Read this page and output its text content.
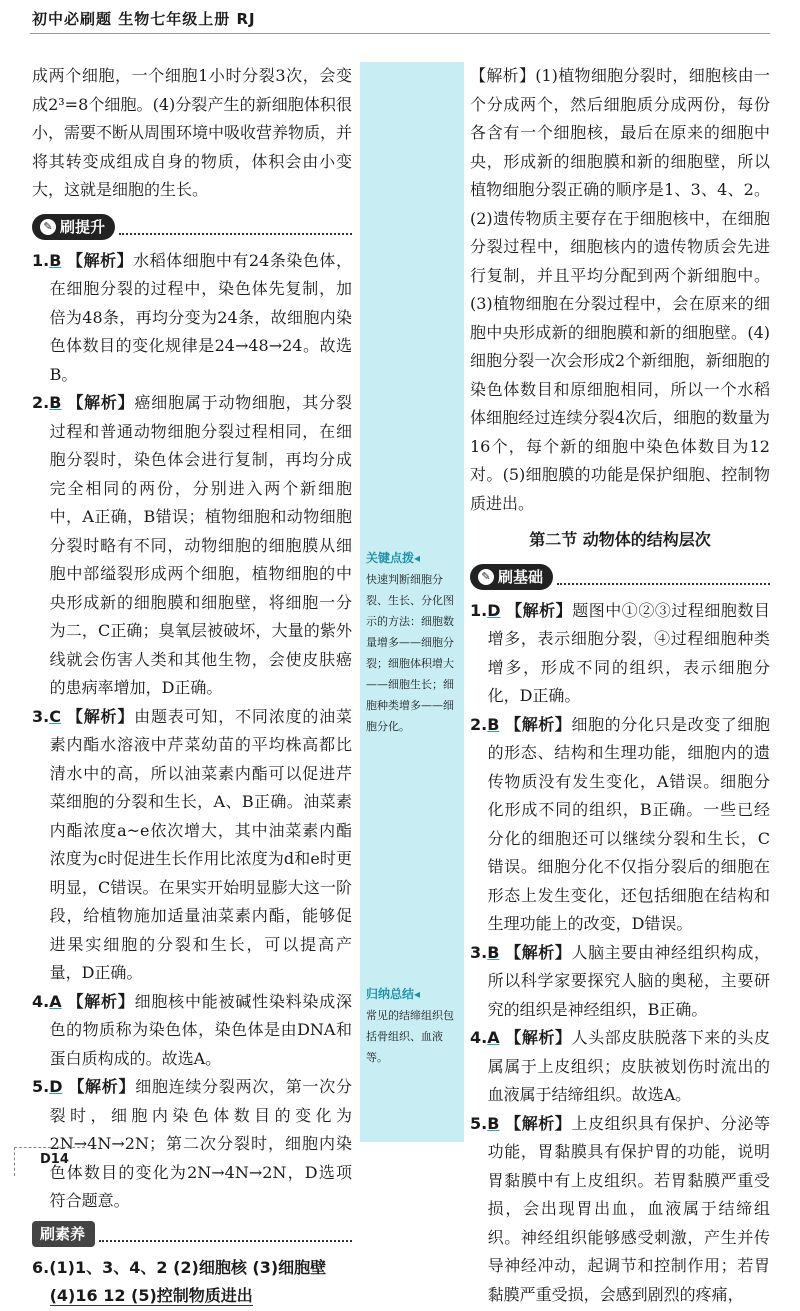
初中必刷题 生物七年级上册 RJ

成两个细胞，一个细胞1小时分裂3次，会变成2³=8个细胞。(4)分裂产生的新细胞体积很小，需要不断从周围环境中吸收营养物质，并将其转变成组成自身的物质，体积会由小变大，这就是细胞的生长。

✎ 刷提升

1.B 【解析】水稻体细胞中有24条染色体，在细胞分裂的过程中，染色体先复制，加倍为48条，再均分变为24条，故细胞内染色体数目的变化规律是24→48→24。故选B。

2.B 【解析】癌细胞属于动物细胞，其分裂过程和普通动物细胞分裂过程相同，在细胞分裂时，染色体会进行复制，再均分成完全相同的两份，分别进入两个新细胞中，A正确，B错误；植物细胞和动物细胞分裂时略有不同，动物细胞的细胞膜从细胞中部缢裂形成两个细胞，植物细胞的中央形成新的细胞膜和细胞壁，将细胞一分为二，C正确；臭氧层被破坏，大量的紫外线就会伤害人类和其他生物，会使皮肤癌的患病率增加，D正确。

3.C 【解析】由题表可知，不同浓度的油菜素内酯水溶液中芹菜幼苗的平均株高都比清水中的高，所以油菜素内酯可以促进芹菜细胞的分裂和生长，A、B正确。油菜素内酯浓度a~e依次增大，其中油菜素内酯浓度为c时促进生长作用比浓度为d和e时更明显，C错误。在果实开始明显膨大这一阶段，给植物施加适量油菜素内酯，能够促进果实细胞的分裂和生长，可以提高产量，D正确。

4.A 【解析】细胞核中能被碱性染料染成深色的物质称为染色体，染色体是由DNA和蛋白质构成的。故选A。

5.D 【解析】细胞连续分裂两次，第一次分裂时，细胞内染色体数目的变化为2N→4N→2N；第二次分裂时，细胞内染色体数目的变化为2N→4N→2N，D选项符合题意。

刷素养

6.(1)1、3、4、2 (2)细胞核 (3)细胞壁

(4)16 12 (5)控制物质进出

关键点拨◂
快速判断细胞分裂、生长、分化图示的方法：细胞数量增多——细胞分裂；细胞体积增大——细胞生长；细胞种类增多——细胞分化。
归纳总结◂
常见的结缔组织包括骨组织、血液等。

【解析】(1)植物细胞分裂时，细胞核由一个分成两个，然后细胞质分成两份，每份各含有一个细胞核，最后在原来的细胞中央，形成新的细胞膜和新的细胞壁，所以植物细胞分裂正确的顺序是1、3、4、2。(2)遗传物质主要存在于细胞核中，在细胞分裂过程中，细胞核内的遗传物质会先进行复制，并且平均分配到两个新细胞中。(3)植物细胞在分裂过程中，会在原来的细胞中央形成新的细胞膜和新的细胞壁。(4)细胞分裂一次会形成2个新细胞，新细胞的染色体数目和原细胞相同，所以一个水稻体细胞经过连续分裂4次后，细胞的数量为16个，每个新的细胞中染色体数目为12对。(5)细胞膜的功能是保护细胞、控制物质进出。

第二节 动物体的结构层次
✎ 刷基础

1.D 【解析】题图中①②③过程细胞数目增多，表示细胞分裂，④过程细胞种类增多，形成不同的组织，表示细胞分化，D正确。

2.B 【解析】细胞的分化只是改变了细胞的形态、结构和生理功能，细胞内的遗传物质没有发生变化，A错误。细胞分化形成不同的组织，B正确。一些已经分化的细胞还可以继续分裂和生长，C错误。细胞分化不仅指分裂后的细胞在形态上发生变化，还包括细胞在结构和生理功能上的改变，D错误。

3.B 【解析】人脑主要由神经组织构成，所以科学家要探究人脑的奥秘，主要研究的组织是神经组织，B正确。

4.A 【解析】人头部皮肤脱落下来的头皮属属于上皮组织；皮肤被划伤时流出的血液属于结缔组织。故选A。

5.B 【解析】上皮组织具有保护、分泌等功能，胃黏膜具有保护胃的功能，说明胃黏膜中有上皮组织。若胃黏膜严重受损，会出现胃出血，血液属于结缔组织。神经组织能够感受刺激，产生并传导神经冲动，起调节和控制作用；若胃黏膜严重受损，会感到剧烈的疼痛，

D14
